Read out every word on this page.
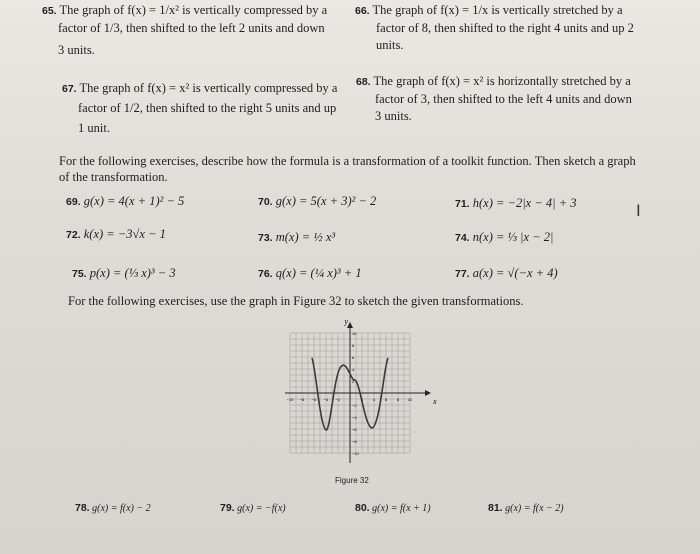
65. The graph of f(x) = 1/x² is vertically compressed by a
factor of 1/3, then shifted to the left 2 units and down
3 units.
66. The graph of f(x) = 1/x is vertically stretched by a
factor of 8, then shifted to the right 4 units and up 2
units.
67. The graph of f(x) = x² is vertically compressed by a
factor of 1/2, then shifted to the right 5 units and up
1 unit.
68. The graph of f(x) = x² is horizontally stretched by a
factor of 3, then shifted to the left 4 units and down
3 units.
For the following exercises, describe how the formula is a transformation of a toolkit function. Then sketch a graph
of the transformation.
69. g(x) = 4(x + 1)² − 5	70. g(x) = 5(x + 3)² − 2	71. h(x) = −2|x − 4| + 3
72. k(x) = −3√x − 1	73. m(x) = ½ x³	74. n(x) = ⅓ |x − 2|
75. p(x) = (⅓ x)³ − 3	76. q(x) = (¼ x)³ + 1	77. a(x) = √(−x + 4)
For the following exercises, use the graph in Figure 32 to sketch the given transformations.
y
x
−10 −8 −6 −4 −2	2 4 6 8 10
10
8
6
4
2
−2
−4
−6
−8
−10
Figure 32
78. g(x) = f(x) − 2	79. g(x) = −f(x)	80. g(x) = f(x + 1)	81. g(x) = f(x − 2)
Ι
